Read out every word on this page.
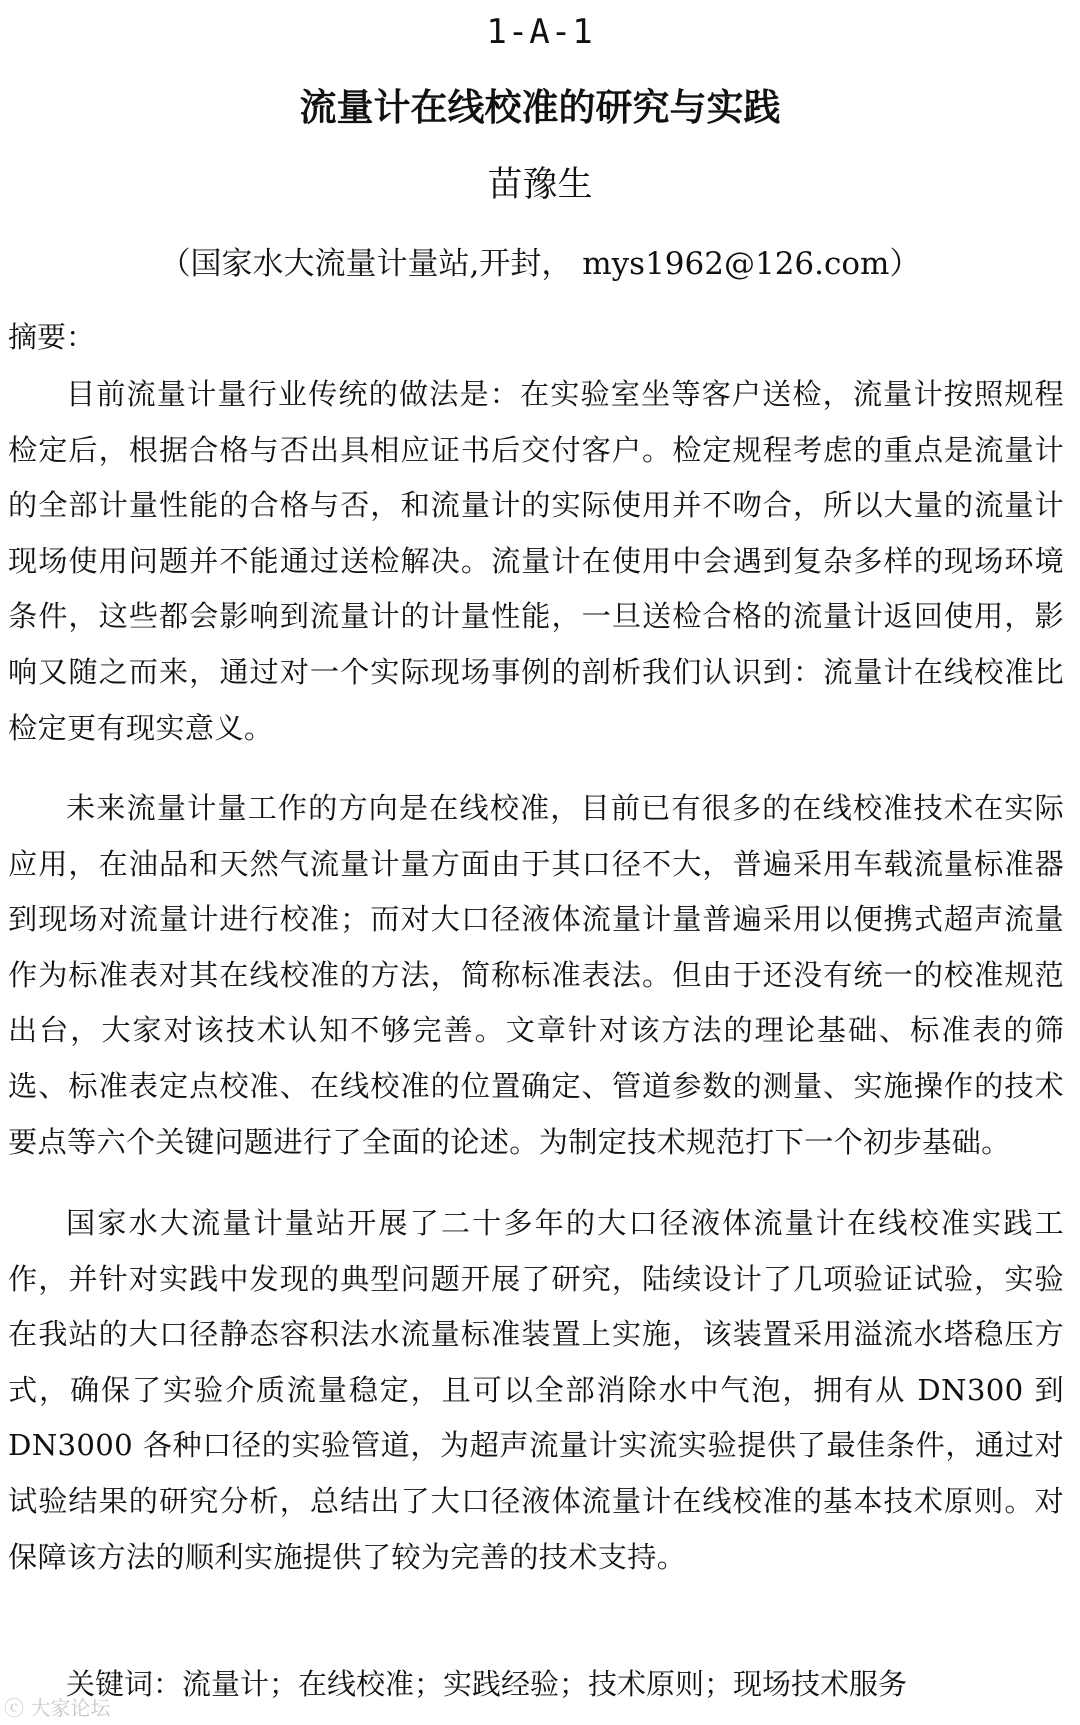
1-A-1
流量计在线校准的研究与实践
苗豫生
（国家水大流量计量站,开封， mys1962@126.com）
摘要：

目前流量计量行业传统的做法是：在实验室坐等客户送检，流量计按照规程检定后，根据合格与否出具相应证书后交付客户。检定规程考虑的重点是流量计的全部计量性能的合格与否，和流量计的实际使用并不吻合，所以大量的流量计现场使用问题并不能通过送检解决。流量计在使用中会遇到复杂多样的现场环境条件，这些都会影响到流量计的计量性能，一旦送检合格的流量计返回使用，影响又随之而来，通过对一个实际现场事例的剖析我们认识到：流量计在线校准比检定更有现实意义。

未来流量计量工作的方向是在线校准，目前已有很多的在线校准技术在实际应用，在油品和天然气流量计量方面由于其口径不大，普遍采用车载流量标准器到现场对流量计进行校准；而对大口径液体流量计量普遍采用以便携式超声流量作为标准表对其在线校准的方法，简称标准表法。但由于还没有统一的校准规范出台，大家对该技术认知不够完善。文章针对该方法的理论基础、标准表的筛选、标准表定点校准、在线校准的位置确定、管道参数的测量、实施操作的技术要点等六个关键问题进行了全面的论述。为制定技术规范打下一个初步基础。

国家水大流量计量站开展了二十多年的大口径液体流量计在线校准实践工作，并针对实践中发现的典型问题开展了研究，陆续设计了几项验证试验，实验在我站的大口径静态容积法水流量标准装置上实施，该装置采用溢流水塔稳压方式，确保了实验介质流量稳定，且可以全部消除水中气泡，拥有从 DN300 到 DN3000 各种口径的实验管道，为超声流量计实流实验提供了最佳条件，通过对试验结果的研究分析，总结出了大口径液体流量计在线校准的基本技术原则。对保障该方法的顺利实施提供了较为完善的技术支持。

关键词：流量计；在线校准；实践经验；技术原则；现场技术服务
ⓒ 大家论坛
